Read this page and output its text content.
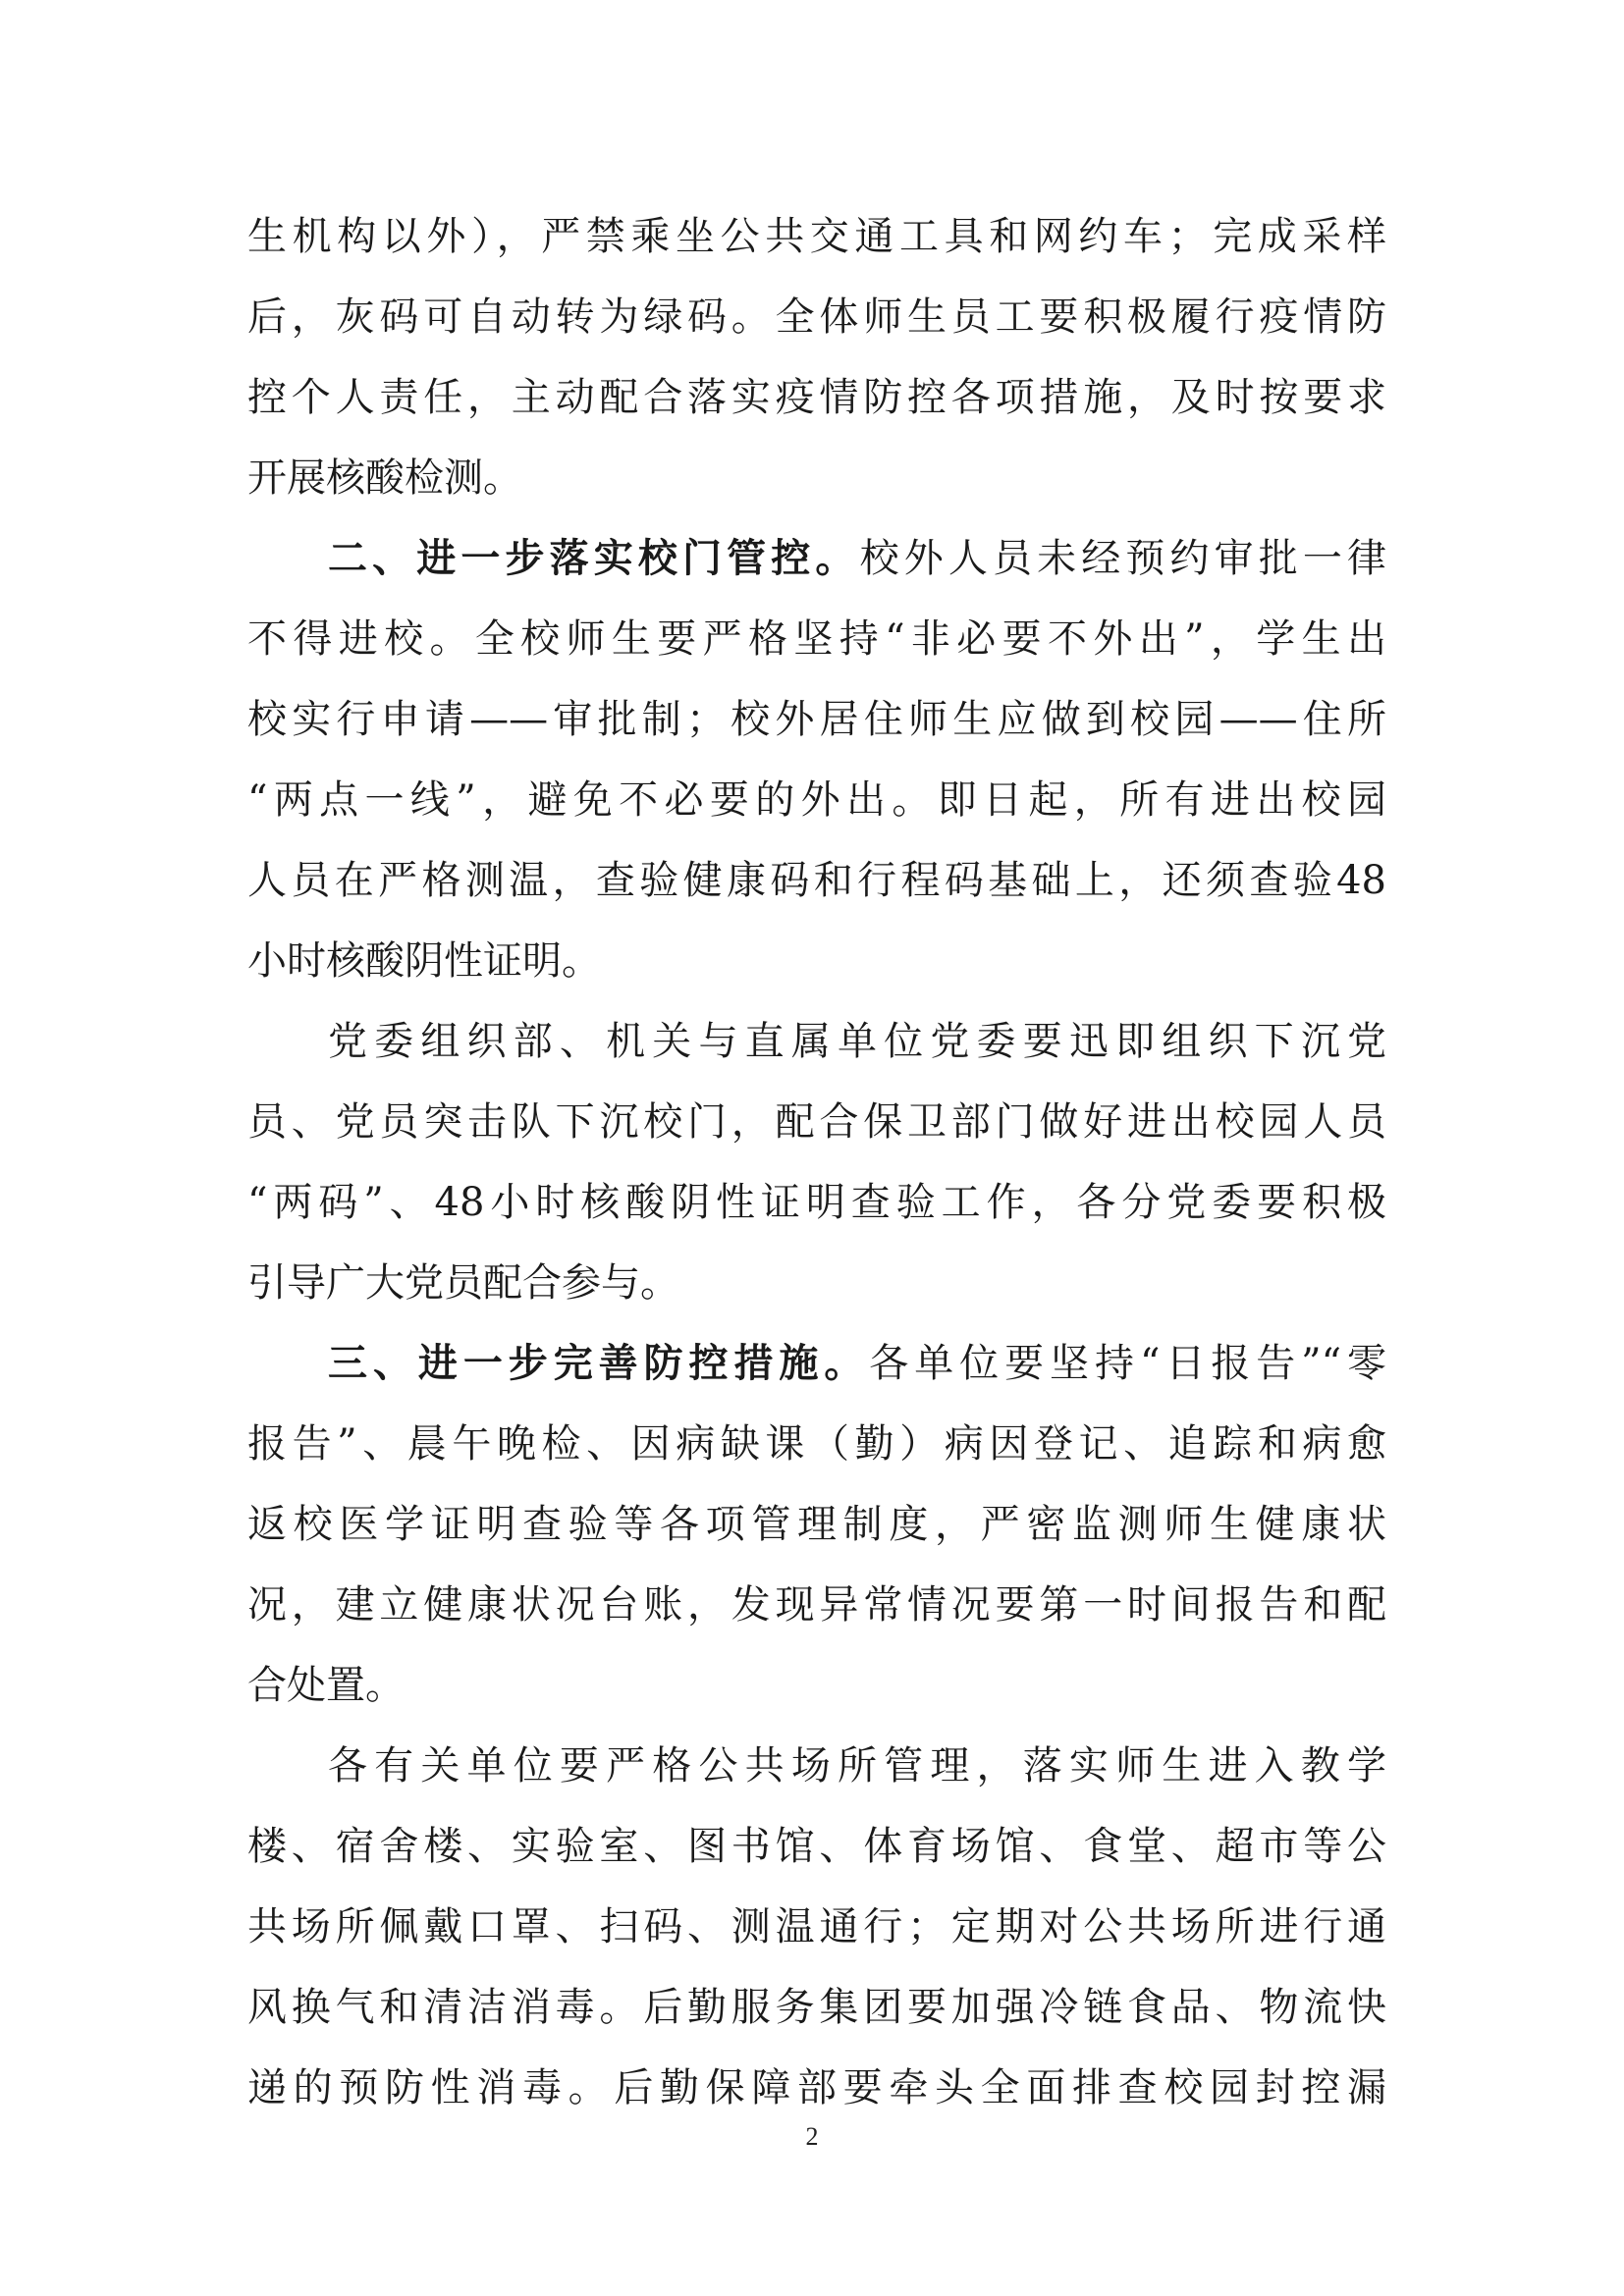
生机构以外），严禁乘坐公共交通工具和网约车；完成采样
后，灰码可自动转为绿码。全体师生员工要积极履行疫情防
控个人责任，主动配合落实疫情防控各项措施，及时按要求
开展核酸检测。
二、进一步落实校门管控。校外人员未经预约审批一律
不得进校。全校师生要严格坚持“非必要不外出”，学生出
校实行申请——审批制；校外居住师生应做到校园——住所
“两点一线”，避免不必要的外出。即日起，所有进出校园
人员在严格测温，查验健康码和行程码基础上，还须查验48
小时核酸阴性证明。
党委组织部、机关与直属单位党委要迅即组织下沉党
员、党员突击队下沉校门，配合保卫部门做好进出校园人员
“两码”、48小时核酸阴性证明查验工作，各分党委要积极
引导广大党员配合参与。
三、进一步完善防控措施。各单位要坚持“日报告”“零
报告”、晨午晚检、因病缺课（勤）病因登记、追踪和病愈
返校医学证明查验等各项管理制度，严密监测师生健康状
况，建立健康状况台账，发现异常情况要第一时间报告和配
合处置。
各有关单位要严格公共场所管理，落实师生进入教学
楼、宿舍楼、实验室、图书馆、体育场馆、食堂、超市等公
共场所佩戴口罩、扫码、测温通行；定期对公共场所进行通
风换气和清洁消毒。后勤服务集团要加强冷链食品、物流快
递的预防性消毒。后勤保障部要牵头全面排查校园封控漏
2
